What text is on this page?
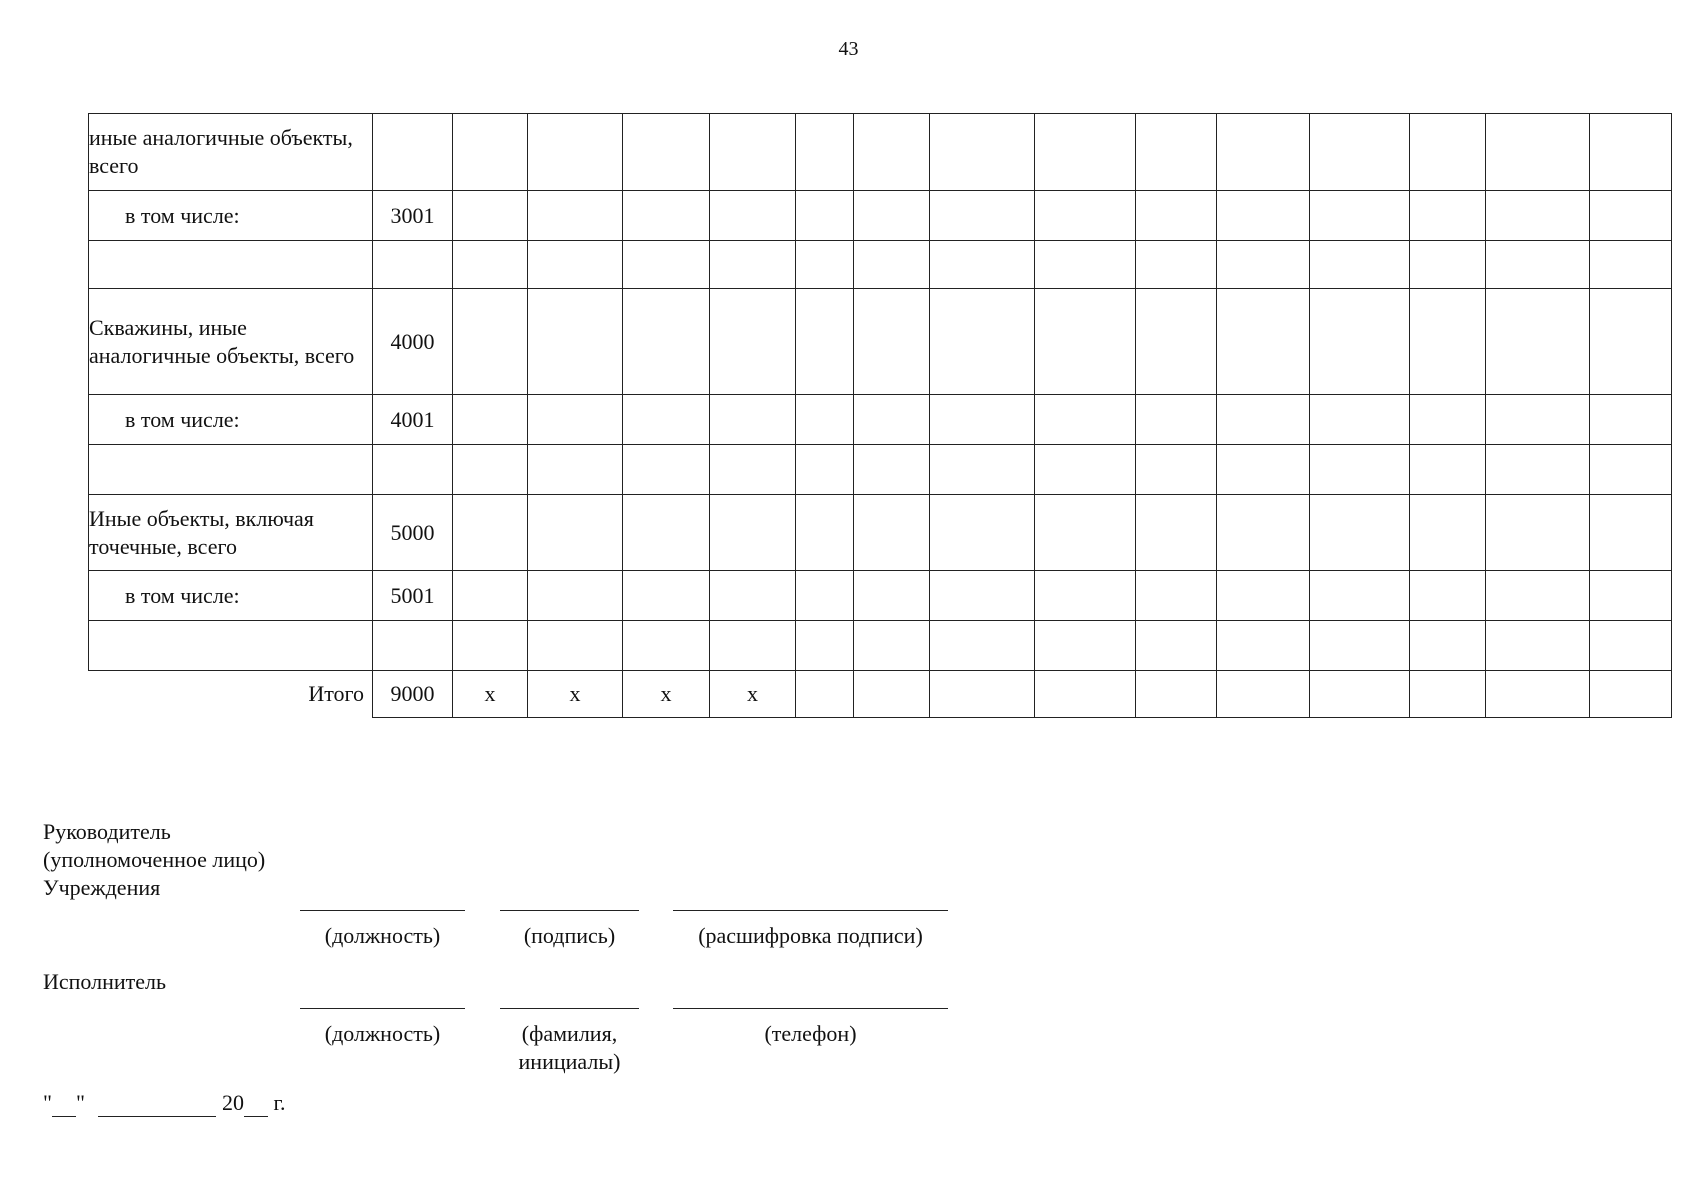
43
иные аналогичные объекты, всего															
в том числе:	3001														

Скважины, иные аналогичные объекты, всего	4000														
в том числе:	4001														

Иные объекты, включая точечные, всего	5000														
в том числе:	5001														

Итого	9000	x	x	x	x										
Руководитель
(уполномоченное лицо)
Учреждения
(должность)	(подпись)	(расшифровка подписи)
Исполнитель
(должность)	(фамилия,
инициалы)
(телефон)
" "	20 г.
